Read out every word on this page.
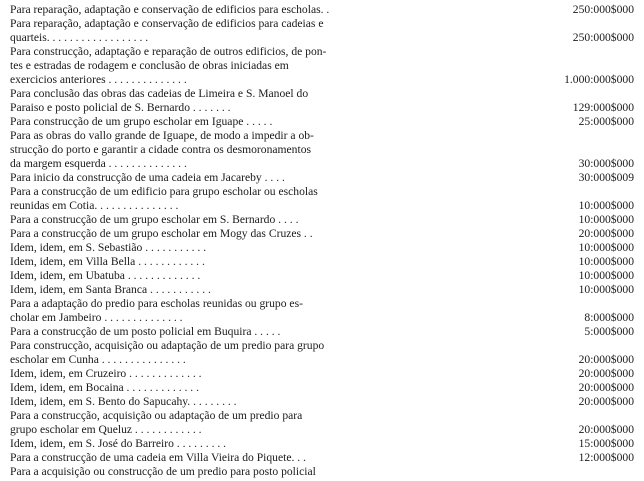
Para reparação, adaptação e conservação de edificios para escholas. .	250:000$000
Para reparação, adaptação e conservação de edificios para cadeias e
quarteis. . . . . . . . . . . . . . . . . .	250:000$000
Para construcção, adaptação e reparação de outros edificios, de pon-
tes e estradas de rodagem e conclusão de obras iniciadas em
exercicios anteriores . . . . . . . . . . . . . .	1.000:000$000
Para conclusão das obras das cadeias de Limeira e S. Manoel do
Paraiso e posto policial de S. Bernardo . . . . . . .	129:000$000
Para construcção de um grupo escholar em Iguape . . . . .	25:000$000
Para as obras do vallo grande de Iguape, de modo a impedir a ob-
strucção do porto e garantir a cidade contra os desmoronamentos
da margem esquerda . . . . . . . . . . . . . .	30:000$000
Para inicio da construcção de uma cadeia em Jacareby . . . .	30:000$009
Para a construcção de um edificio para grupo escholar ou escholas
reunidas em Cotia. . . . . . . . . . . . . . .	10:000$000
Para a construcção de um grupo escholar em S. Bernardo . . . .	10:000$000
Para a construcção de um grupo escholar em Mogy das Cruzes . .	20:000$000
Idem, idem, em S. Sebastião . . . . . . . . . . .	10:000$000
Idem, idem, em Villa Bella . . . . . . . . . . . .	10:000$000
Idem, idem, em Ubatuba . . . . . . . . . . . . .	10:000$000
Idem, idem, em Santa Branca . . . . . . . . . . .	10:000$000
Para a adaptação do predio para escholas reunidas ou grupo es-
cholar em Jambeiro . . . . . . . . . . . . . .	8:000$000
Para a construcção de um posto policial em Buquira . . . . .	5:000$000
Para construcção, acquisição ou adaptação de um predio para grupo
escholar em Cunha . . . . . . . . . . . . . . .	20:000$000
Idem, idem, em Cruzeiro . . . . . . . . . . . . .	20:000$000
Idem, idem, em Bocaina . . . . . . . . . . . . .	20:000$000
Idem, idem, em S. Bento do Sapucahy. . . . . . . . .	20:000$000
Para a construcção, acquisição ou adaptação de um predio para
grupo escholar em Queluz . . . . . . . . . . . .	20:000$000
Idem, idem, em S. José do Barreiro . . . . . . . . .	15:000$000
Para a construcção de uma cadeia em Villa Vieira do Piquete. . .	12:000$000
Para a acquisição ou construcção de um predio para posto policial
